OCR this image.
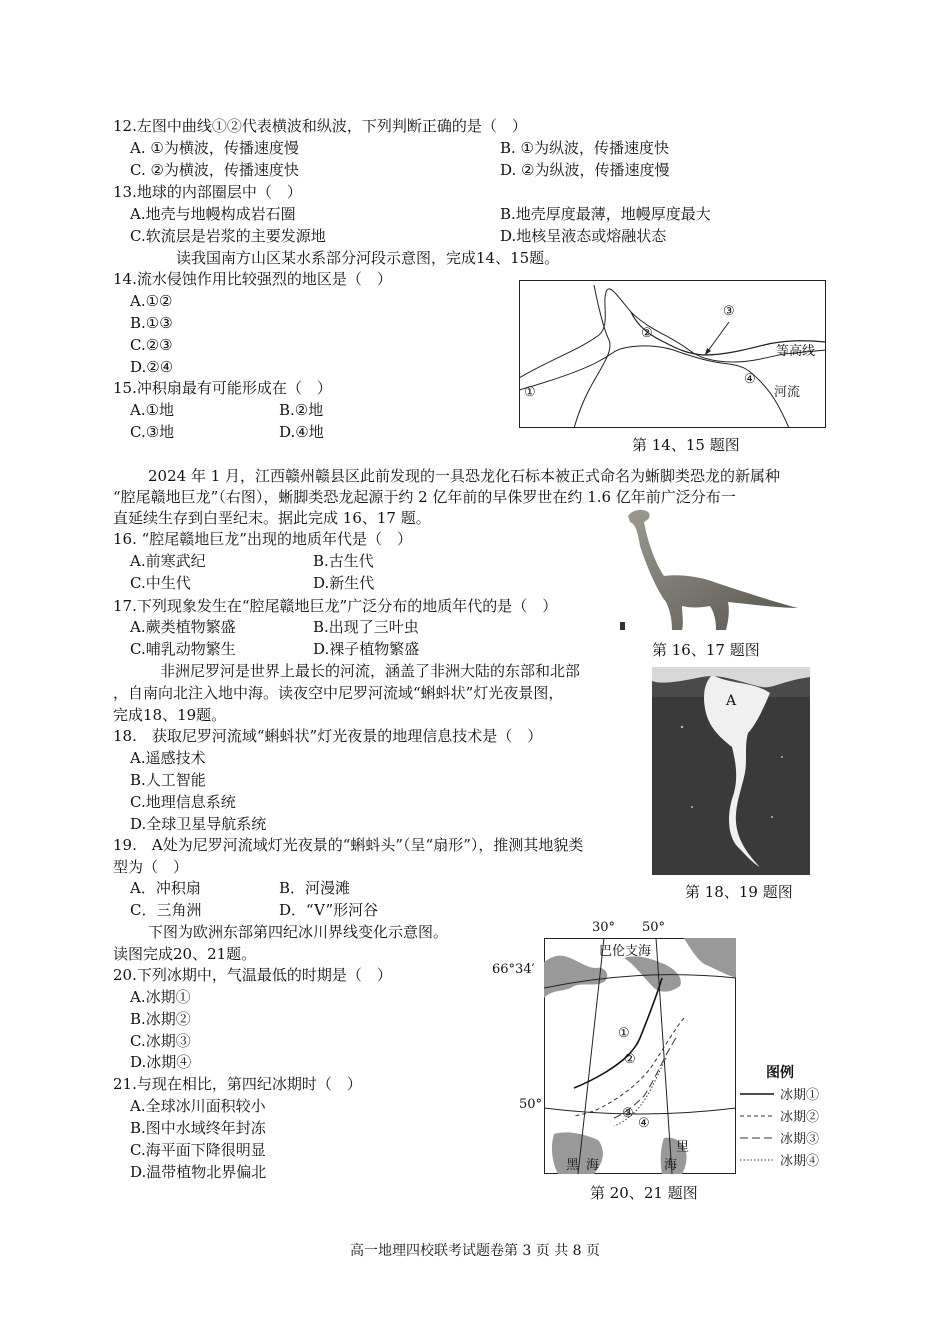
12.左图中曲线①②代表横波和纵波，下列判断正确的是（　）
A. ①为横波，传播速度慢	B. ①为纵波，传播速度快
C. ②为横波，传播速度快	D. ②为纵波，传播速度慢
13.地球的内部圈层中（　）
A.地壳与地幔构成岩石圈	B.地壳厚度最薄，地幔厚度最大
C.软流层是岩浆的主要发源地	D.地核呈液态或熔融状态
读我国南方山区某水系部分河段示意图，完成14、15题。
14.流水侵蚀作用比较强烈的地区是（　）
A.①②
B.①③
C.②③
D.②④
15.冲积扇最有可能形成在（　）
A.①地	B.②地
C.③地	D.④地
②
③
等高线
④
河流
①
第 14、15 题图
2024 年 1 月，江西赣州赣县区此前发现的一具恐龙化石标本被正式命名为蜥脚类恐龙的新属种
“腔尾赣地巨龙”（右图），蜥脚类恐龙起源于约 2 亿年前的早侏罗世在约 1.6 亿年前广泛分布一
直延续生存到白垩纪末。据此完成 16、17 题。
16. “腔尾赣地巨龙”出现的地质年代是（　）
A.前寒武纪	B.古生代
C.中生代	D.新生代
17.下列现象发生在“腔尾赣地巨龙”广泛分布的地质年代的是（　）
A.蕨类植物繁盛	B.出现了三叶虫
C.哺乳动物繁生	D.裸子植物繁盛	第 16、17 题图
非洲尼罗河是世界上最长的河流，涵盖了非洲大陆的东部和北部
，自南向北注入地中海。读夜空中尼罗河流域“蝌蚪状”灯光夜景图，
完成18、19题。
18.　获取尼罗河流域“蝌蚪状”灯光夜景的地理信息技术是（　）
A.遥感技术
B.人工智能
C.地理信息系统
D.全球卫星导航系统
19.　A处为尼罗河流域灯光夜景的“蝌蚪头”（呈“扇形”），推测其地貌类
型为（　）
A．冲积扇	B．河漫滩
C．三角洲	D．“V”形河谷
A
第 18、19 题图
下图为欧洲东部第四纪冰川界线变化示意图。
读图完成20、21题。
20.下列冰期中，气温最低的时期是（　）
A.冰期①
B.冰期②
C.冰期③
D.冰期④
21.与现在相比，第四纪冰期时（　）
A.全球冰川面积较小
B.图中水域终年封冻
C.海平面下降很明显
D.温带植物北界偏北
巴伦支海
①
②
③
④
黑 海
里
海
30° 50°
66°34′
50°
图例
冰期①
冰期②
冰期③
冰期④
第 20、21 题图
高一地理四校联考试题卷第 3 页 共 8 页
